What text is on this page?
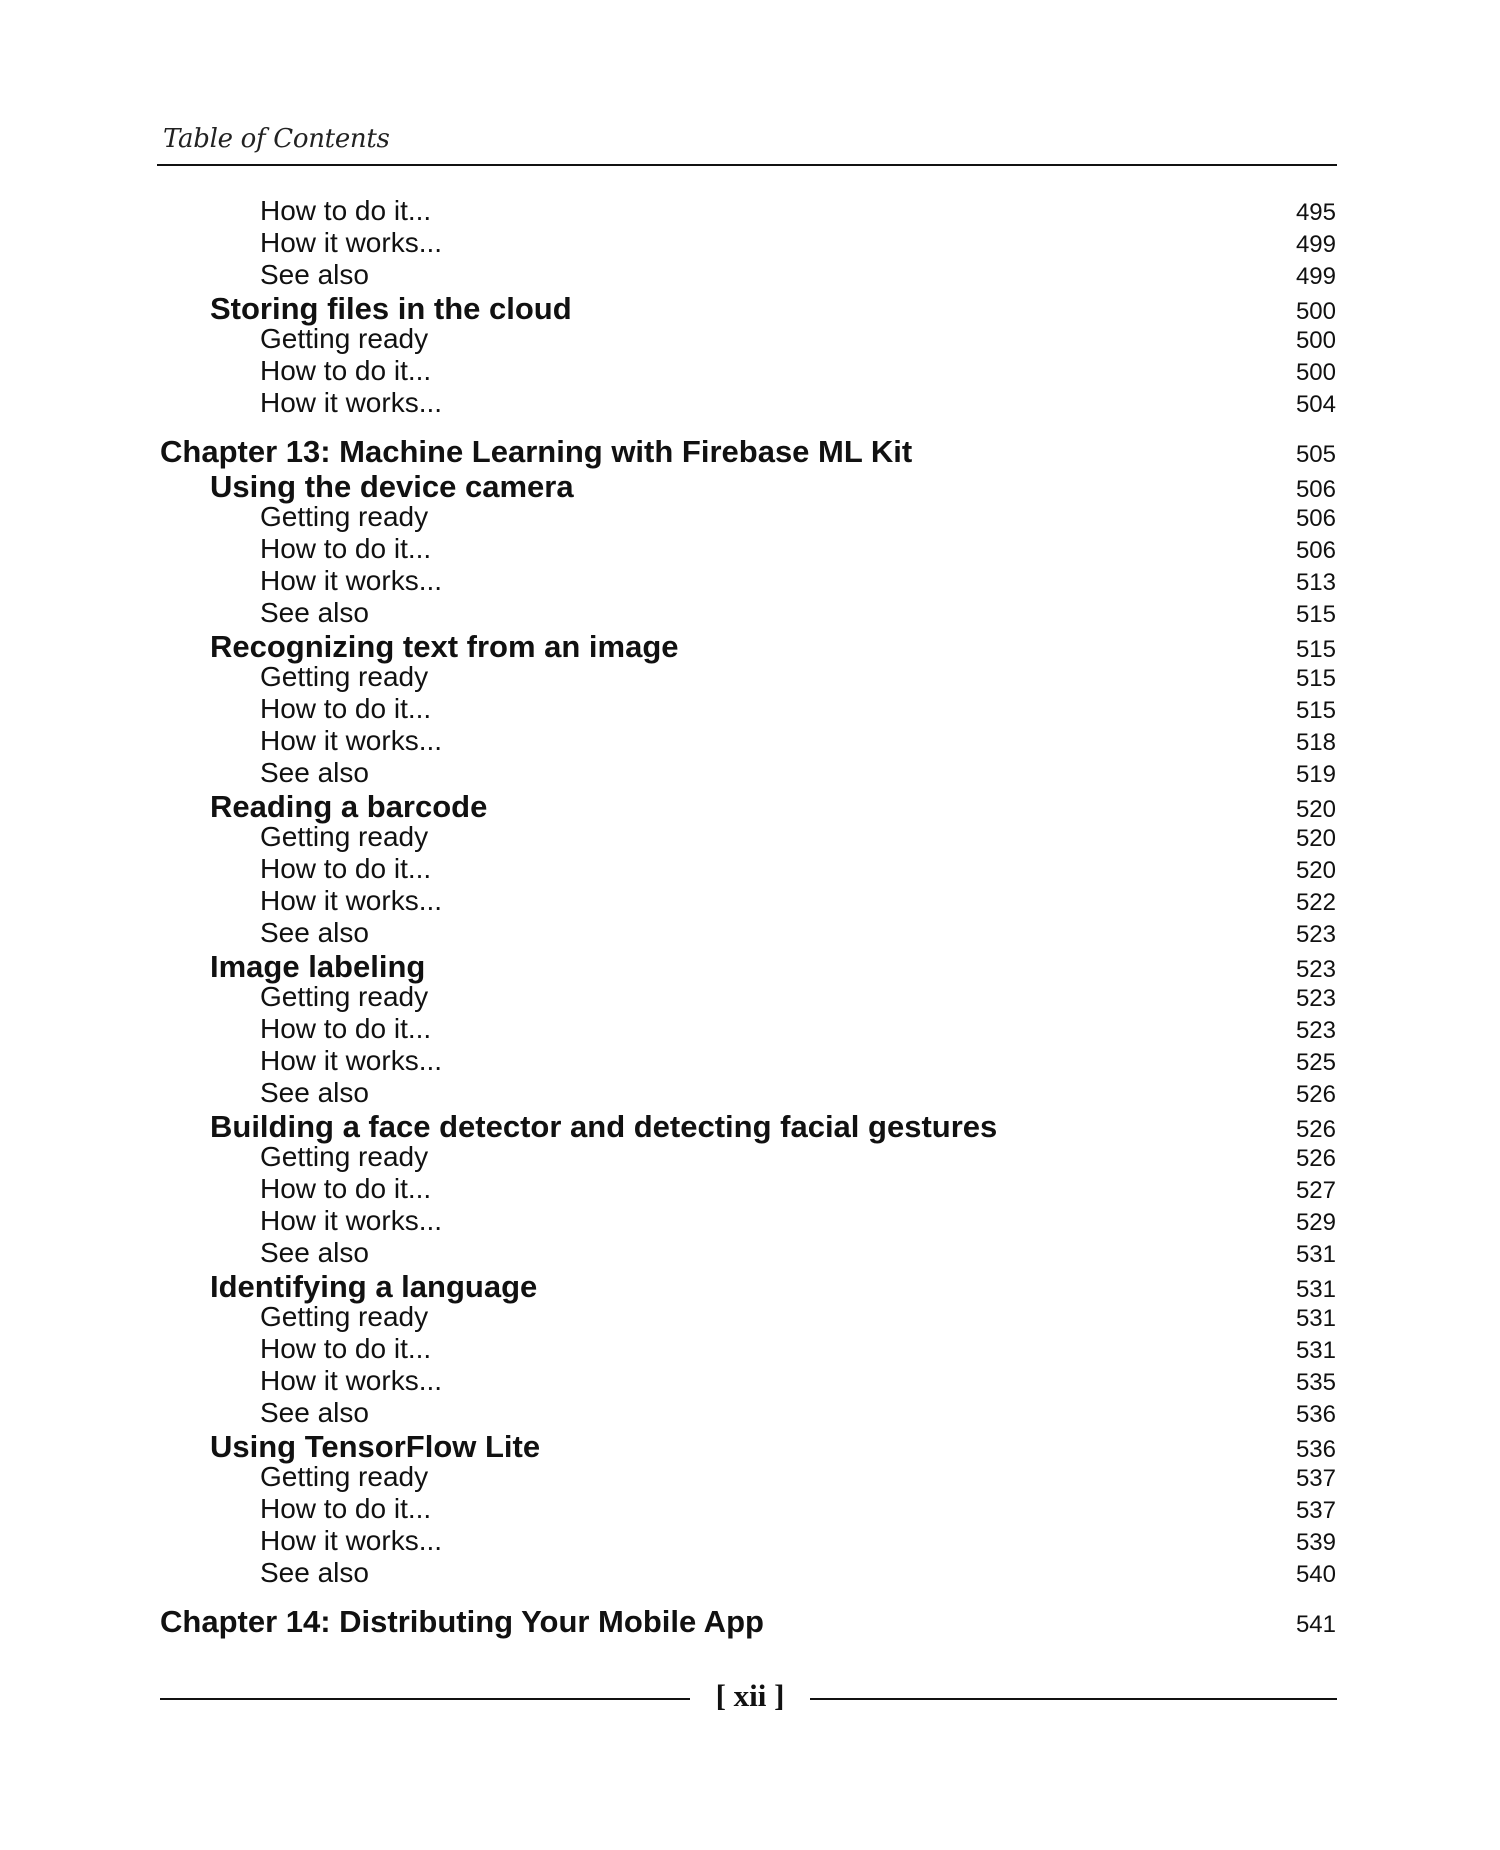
Table of Contents
How to do it...	495
How it works...	499
See also	499
Storing files in the cloud	500
Getting ready	500
How to do it...	500
How it works...	504
Chapter 13: Machine Learning with Firebase ML Kit	505
Using the device camera	506
Getting ready	506
How to do it...	506
How it works...	513
See also	515
Recognizing text from an image	515
Getting ready	515
How to do it...	515
How it works...	518
See also	519
Reading a barcode	520
Getting ready	520
How to do it...	520
How it works...	522
See also	523
Image labeling	523
Getting ready	523
How to do it...	523
How it works...	525
See also	526
Building a face detector and detecting facial gestures	526
Getting ready	526
How to do it...	527
How it works...	529
See also	531
Identifying a language	531
Getting ready	531
How to do it...	531
How it works...	535
See also	536
Using TensorFlow Lite	536
Getting ready	537
How to do it...	537
How it works...	539
See also	540
Chapter 14: Distributing Your Mobile App	541
[ xii ]
